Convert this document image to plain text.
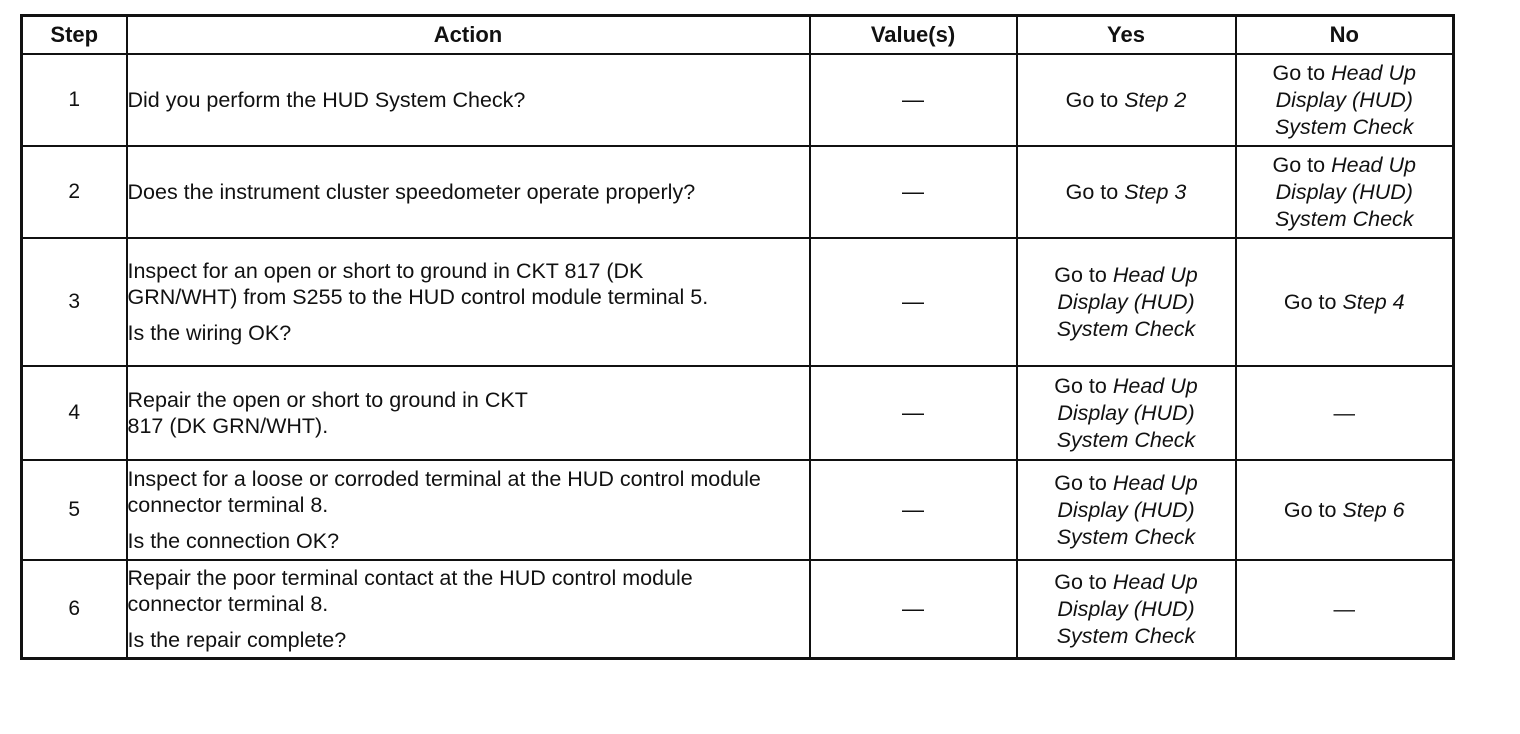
Step	Action	Value(s)	Yes	No
1	Did you perform the HUD System Check?	—	Go to Step 2	Go to Head Up Display (HUD) System Check

2	Does the instrument cluster speedometer operate properly?	—	Go to Step 3	Go to Head Up Display (HUD) System Check

3	Inspect for an open or short to ground in CKT 817 (DK GRN/WHT) from S255 to the HUD control module terminal 5.
Is the wiring OK?	—	Go to Head Up Display (HUD) System Check	Go to Step 4
4	Repair the open or short to ground in CKT 817 (DK GRN/WHT).	—	Go to Head Up Display (HUD) System Check	—
5	Inspect for a loose or corroded terminal at the HUD control module connector terminal 8.
Is the connection OK?	—	Go to Head Up Display (HUD) System Check	Go to Step 6
6	Repair the poor terminal contact at the HUD control module connector terminal 8.
Is the repair complete?	—	Go to Head Up Display (HUD) System Check	—
